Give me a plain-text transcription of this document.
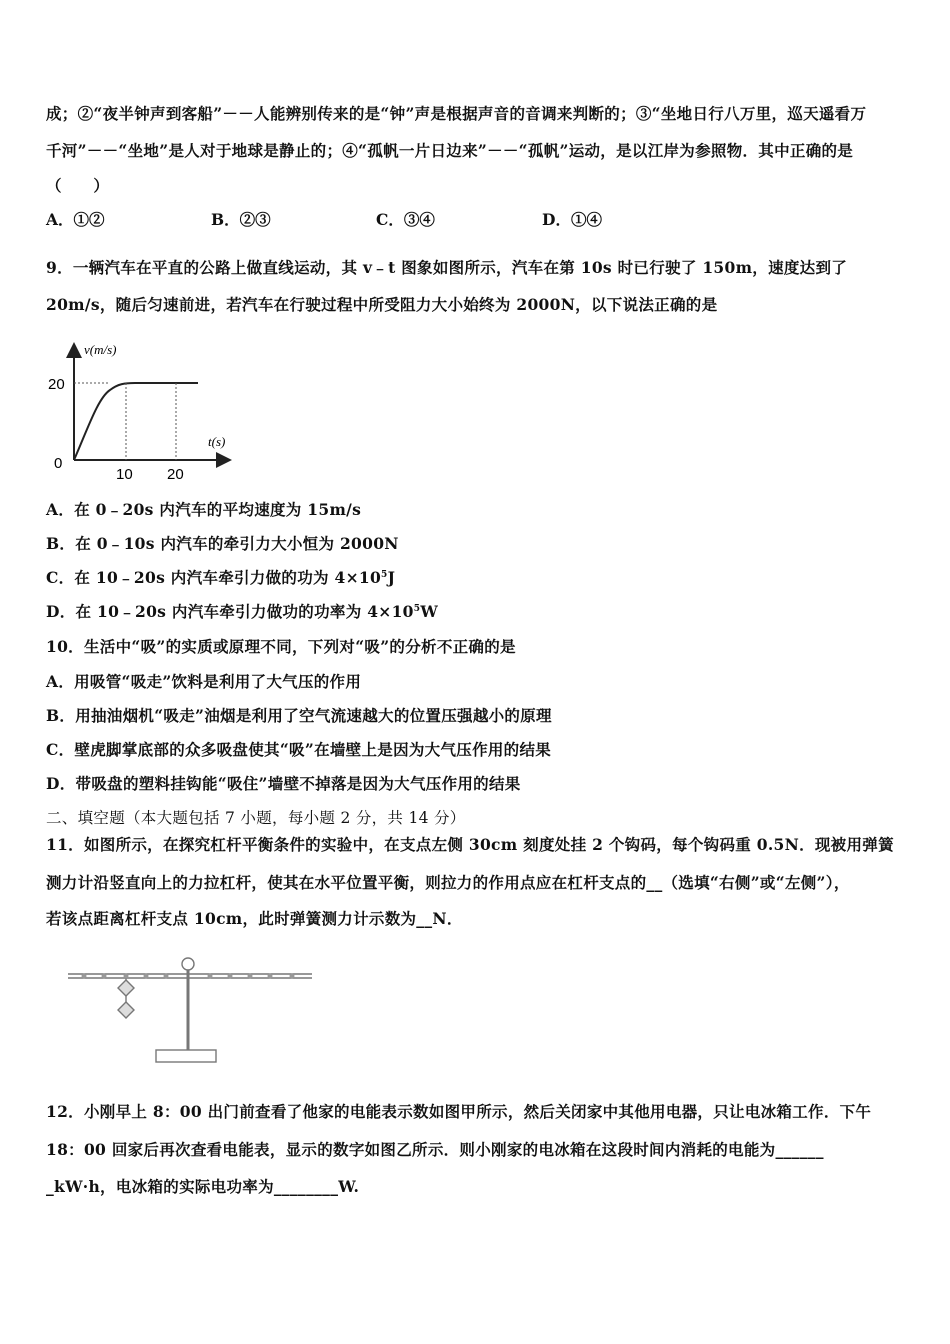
成；②“夜半钟声到客船”－－人能辨别传来的是“钟”声是根据声音的音调来判断的；③“坐地日行八万里，巡天遥看万
千河”－－“坐地”是人对于地球是静止的；④“孤帆一片日边来”－－“孤帆”运动，是以江岸为参照物．其中正确的是
（　　）
A．①②	B．②③	C．③④	D．①④
9．一辆汽车在平直的公路上做直线运动，其 v﹣t 图象如图所示，汽车在第 10s 时已行驶了 150m，速度达到了
20m/s，随后匀速前进，若汽车在行驶过程中所受阻力大小始终为 2000N，以下说法正确的是
v(m/s)
t(s)
20
0
10 20
A．在 0﹣20s 内汽车的平均速度为 15m/s
B．在 0﹣10s 内汽车的牵引力大小恒为 2000N
C．在 10﹣20s 内汽车牵引力做的功为 $4\times 10^5J$
D．在 10﹣20s 内汽车牵引力做功的功率为 $4\times 10^5W$
10．生活中“吸”的实质或原理不同，下列对“吸”的分析不正确的是
A．用吸管“吸走”饮料是利用了大气压的作用
B．用抽油烟机“吸走”油烟是利用了空气流速越大的位置压强越小的原理
C．壁虎脚掌底部的众多吸盘使其“吸”在墙壁上是因为大气压作用的结果
D．带吸盘的塑料挂钩能“吸住”墙壁不掉落是因为大气压作用的结果
二、填空题（本大题包括 7 小题，每小题 2 分，共 14 分）
11．如图所示，在探究杠杆平衡条件的实验中，在支点左侧 30cm 刻度处挂 2 个钩码，每个钩码重 0.5N．现被用弹簧
测力计沿竖直向上的力拉杠杆，使其在水平位置平衡，则拉力的作用点应在杠杆支点的__（选填“右侧”或“左侧”），
若该点距离杠杆支点 10cm，此时弹簧测力计示数为__N．
12．小刚早上 8：00 出门前查看了他家的电能表示数如图甲所示，然后关闭家中其他用电器，只让电冰箱工作．下午
18：00 回家后再次查看电能表，显示的数字如图乙所示．则小刚家的电冰箱在这段时间内消耗的电能为______
_kW·h，电冰箱的实际电功率为________W.
